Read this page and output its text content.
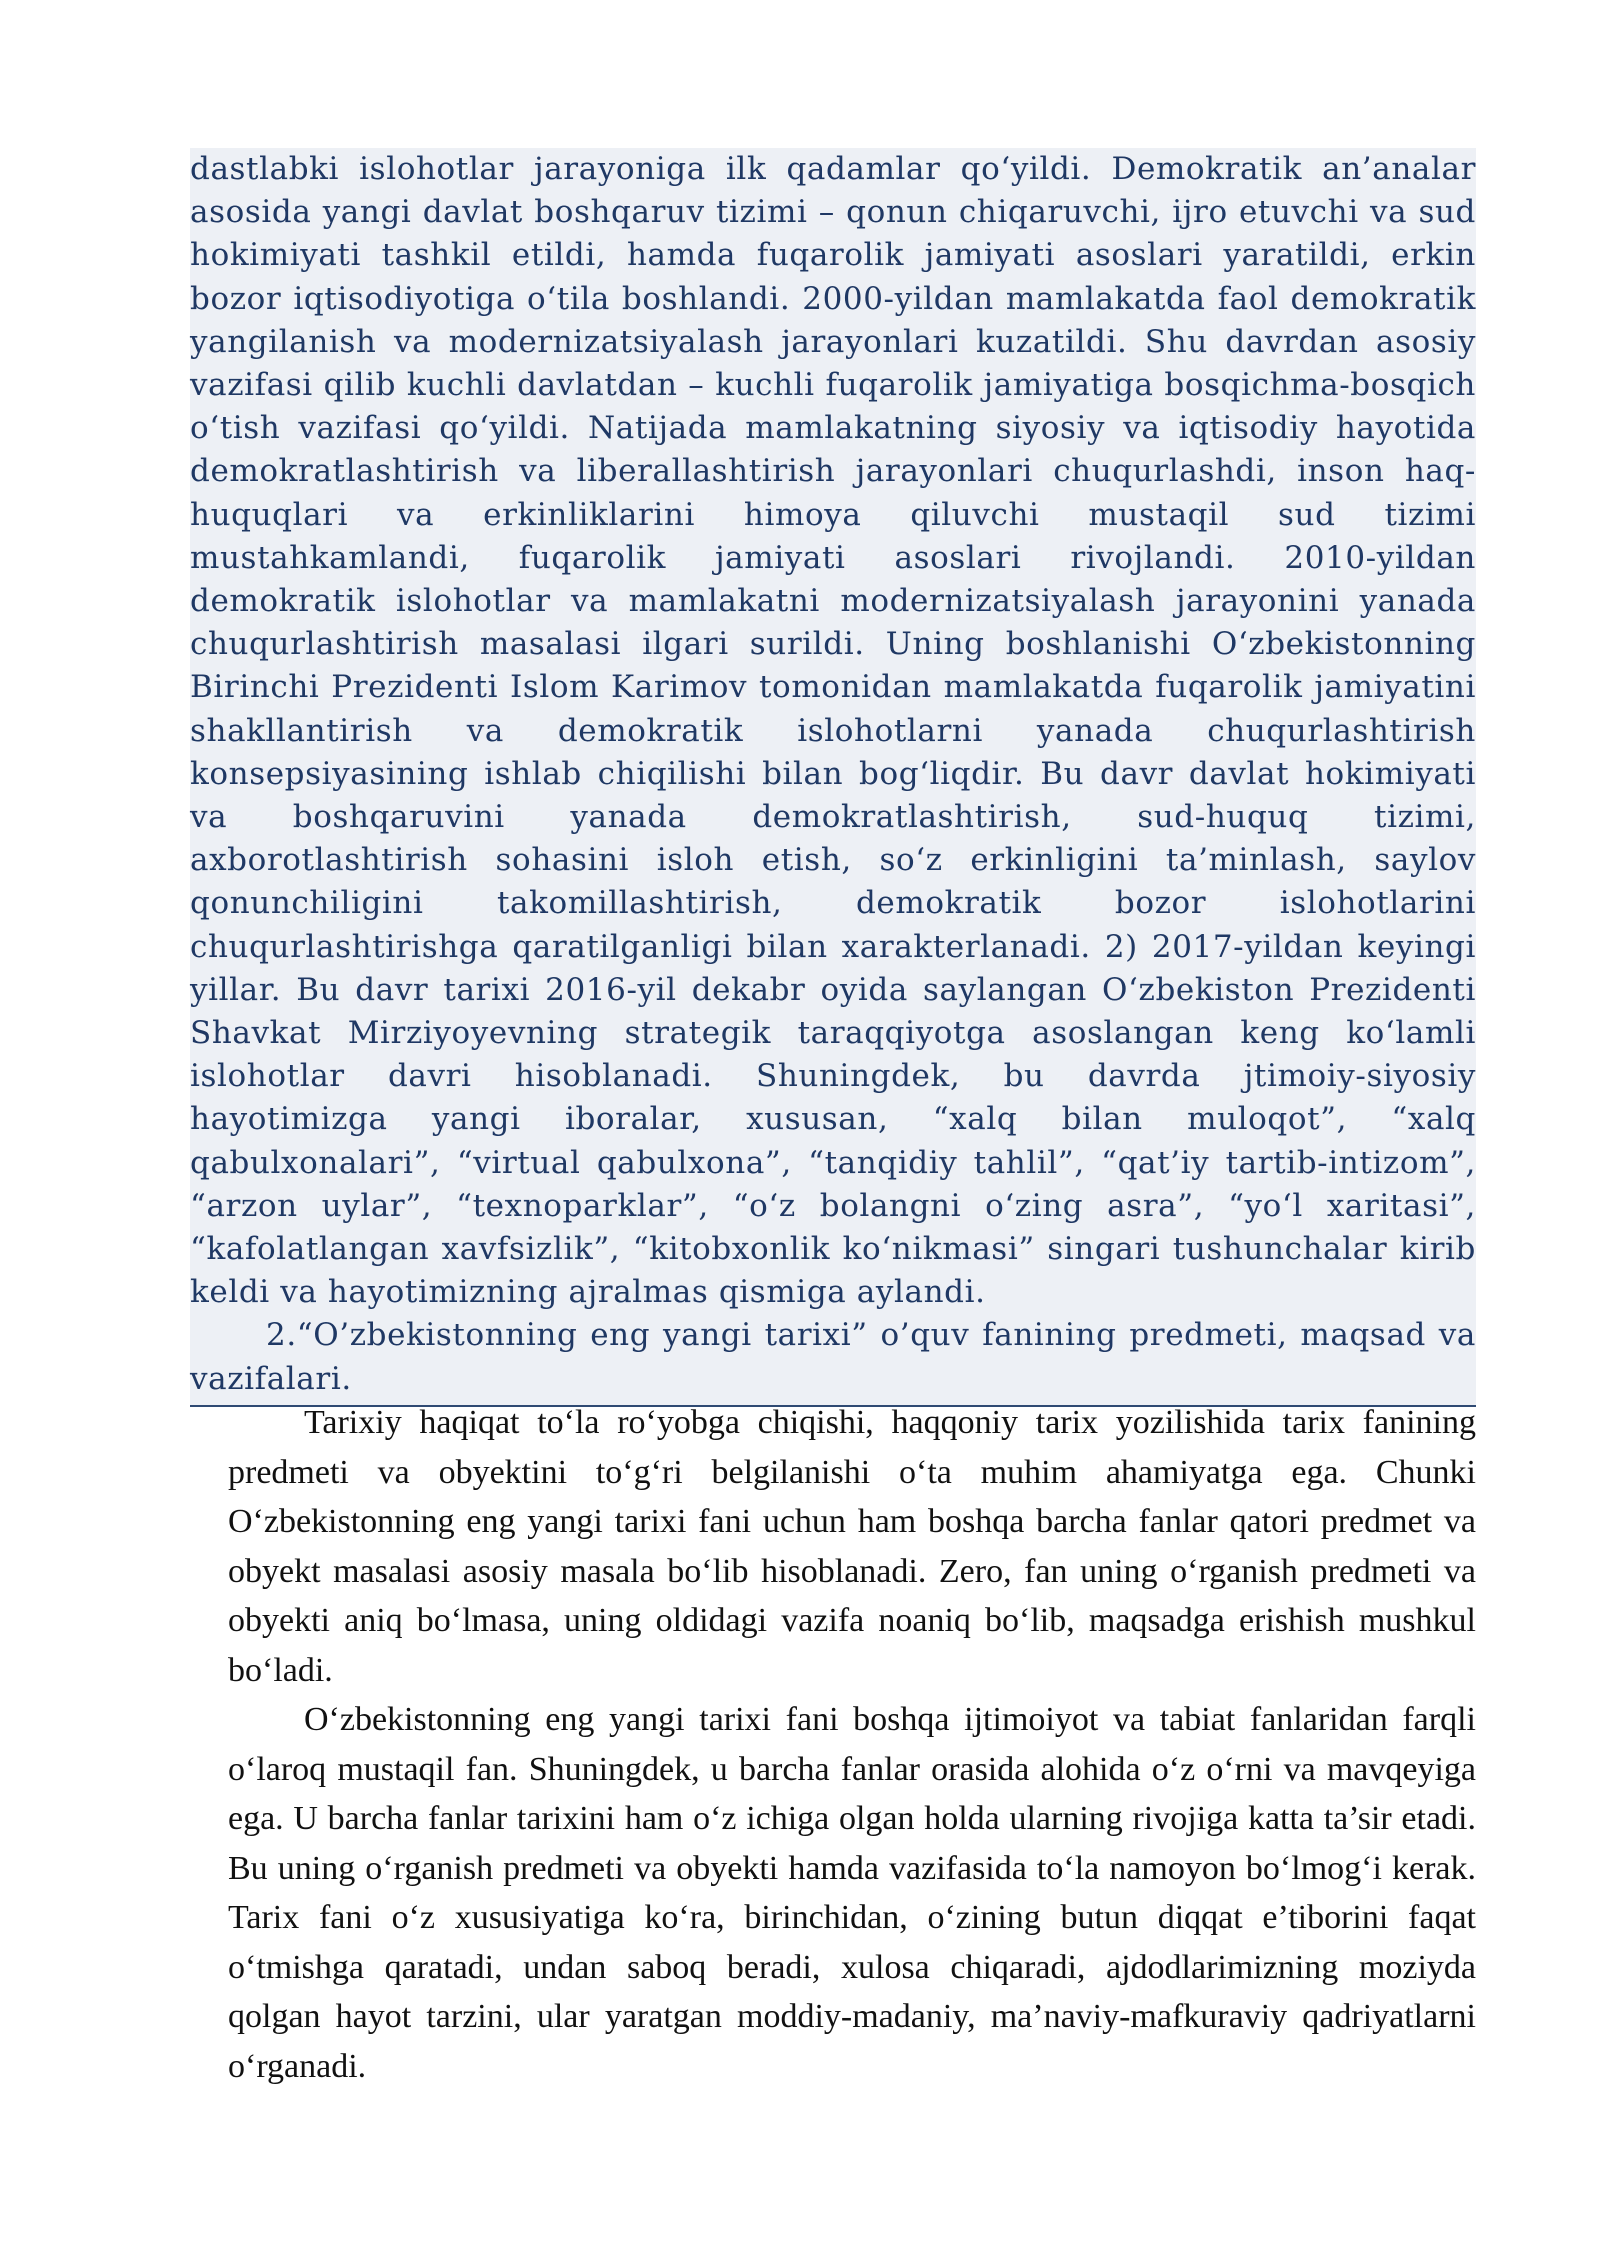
dastlabki islohotlar jarayoniga ilk qadamlar qo‘yildi. Demokratik an’analar asosida yangi davlat boshqaruv tizimi – qonun chiqaruvchi, ijro etuvchi va sud hokimiyati tashkil etildi, hamda fuqarolik jamiyati asoslari yaratildi, erkin bozor iqtisodiyotiga o‘tila boshlandi. 2000-yildan mamlakatda faol demokratik yangilanish va modernizatsiyalash jarayonlari kuzatildi. Shu davrdan asosiy vazifasi qilib kuchli davlatdan – kuchli fuqarolik jamiyatiga bosqichma-bosqich o‘tish vazifasi qo‘yildi. Natijada mamlakatning siyosiy va iqtisodiy hayotida demokratlashtirish va liberallashtirish jarayonlari chuqurlashdi, inson haq-huquqlari va erkinliklarini himoya qiluvchi mustaqil sud tizimi mustahkamlandi, fuqarolik jamiyati asoslari rivojlandi. 2010-yildan demokratik islohotlar va mamlakatni modernizatsiyalash jarayonini yanada chuqurlashtirish masalasi ilgari surildi. Uning boshlanishi O‘zbekistonning Birinchi Prezidenti Islom Karimov tomonidan mamlakatda fuqarolik jamiyatini shakllantirish va demokratik islohotlarni yanada chuqurlashtirish konsepsiyasining ishlab chiqilishi bilan bog‘liqdir. Bu davr davlat hokimiyati va boshqaruvini yanada demokratlashtirish, sud-huquq tizimi, axborotlashtirish sohasini isloh etish, so‘z erkinligini ta’minlash, saylov qonunchiligini takomillashtirish, demokratik bozor islohotlarini chuqurlashtirishga qaratilganligi bilan xarakterlanadi. 2) 2017-yildan keyingi yillar. Bu davr tarixi 2016-yil dekabr oyida saylangan O‘zbekiston Prezidenti Shavkat Mirziyoyevning strategik taraqqiyotga asoslangan keng ko‘lamli islohotlar davri hisoblanadi. Shuningdek, bu davrda jtimoiy-siyosiy hayotimizga yangi iboralar, xususan, “xalq bilan muloqot”, “xalq qabulxonalari”, “virtual qabulxona”, “tanqidiy tahlil”, “qat’iy tartib-intizom”, “arzon uylar”, “texnoparklar”, “o‘z bolangni o‘zing asra”, “yo‘l xaritasi”, “kafolatlangan xavfsizlik”, “kitobxonlik ko‘nikmasi” singari tushunchalar kirib keldi va hayotimizning ajralmas qismiga aylandi.

2.“O’zbekistonning eng yangi tarixi” o’quv fanining predmeti, maqsad va vazifalari.

Tarixiy haqiqat to‘la ro‘yobga chiqishi, haqqoniy tarix yozilishida tarix fanining predmeti va obyektini to‘g‘ri belgilanishi o‘ta muhim ahamiyatga ega. Chunki O‘zbekistonning eng yangi tarixi fani uchun ham boshqa barcha fanlar qatori predmet va obyekt masalasi asosiy masala bo‘lib hisoblanadi. Zero, fan uning o‘rganish predmeti va obyekti aniq bo‘lmasa, uning oldidagi vazifa noaniq bo‘lib, maqsadga erishish mushkul bo‘ladi.

O‘zbekistonning eng yangi tarixi fani boshqa ijtimoiyot va tabiat fanlaridan farqli o‘laroq mustaqil fan. Shuningdek, u barcha fanlar orasida alohida o‘z o‘rni va mavqeyiga ega. U barcha fanlar tarixini ham o‘z ichiga olgan holda ularning rivojiga katta ta’sir etadi. Bu uning o‘rganish predmeti va obyekti hamda vazifasida to‘la namoyon bo‘lmog‘i kerak. Tarix fani o‘z xususiyatiga ko‘ra, birinchidan, o‘zining butun diqqat e’tiborini faqat o‘tmishga qaratadi, undan saboq beradi, xulosa chiqaradi, ajdodlarimizning moziyda qolgan hayot tarzini, ular yaratgan moddiy-madaniy, ma’naviy-mafkuraviy qadriyatlarni o‘rganadi.
